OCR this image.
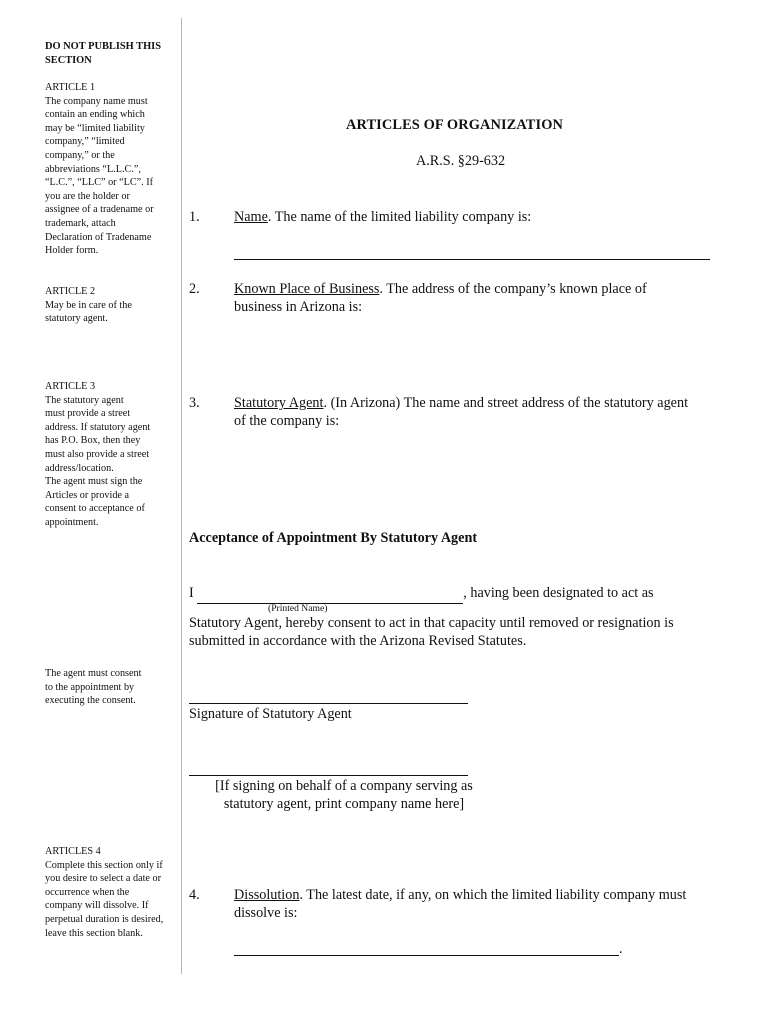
DO NOT PUBLISH THIS SECTION

ARTICLE 1

The company name must

contain an ending which

may be “limited liability

company,” “limited

company,” or the

abbreviations “L.L.C.”,

“L.C.”, “LLC” or “LC”. If

you are the holder or

assignee of a tradename or

trademark, attach

Declaration of Tradename

Holder form.

ARTICLE 2

May be in care of the

statutory agent.

ARTICLE 3

The statutory agent

must provide a street

address. If statutory agent

has P.O. Box, then they

must also provide a street

address/location.

The agent must sign the

Articles or provide a

consent to acceptance of

appointment.

The agent must consent

to the appointment by

executing the consent.

ARTICLES 4

Complete this section only if

you desire to select a date or

occurrence when the

company will dissolve. If

perpetual duration is desired,

leave this section blank.

ARTICLES OF ORGANIZATION
A.R.S. §29-632
1. Name. The name of the limited liability company is:
2. Known Place of Business. The address of the company’s known place of business in Arizona is:
3. Statutory Agent. (In Arizona) The name and street address of the statutory agent of the company is:
Acceptance of Appointment By Statutory Agent
I	, having been designated to act as
(Printed Name)
Statutory Agent, hereby consent to act in that capacity until removed or resignation is submitted in accordance with the Arizona Revised Statutes.
Signature of Statutory Agent
[If signing on behalf of a company serving as statutory agent, print company name here]
4. Dissolution. The latest date, if any, on which the limited liability company must dissolve is:
.
